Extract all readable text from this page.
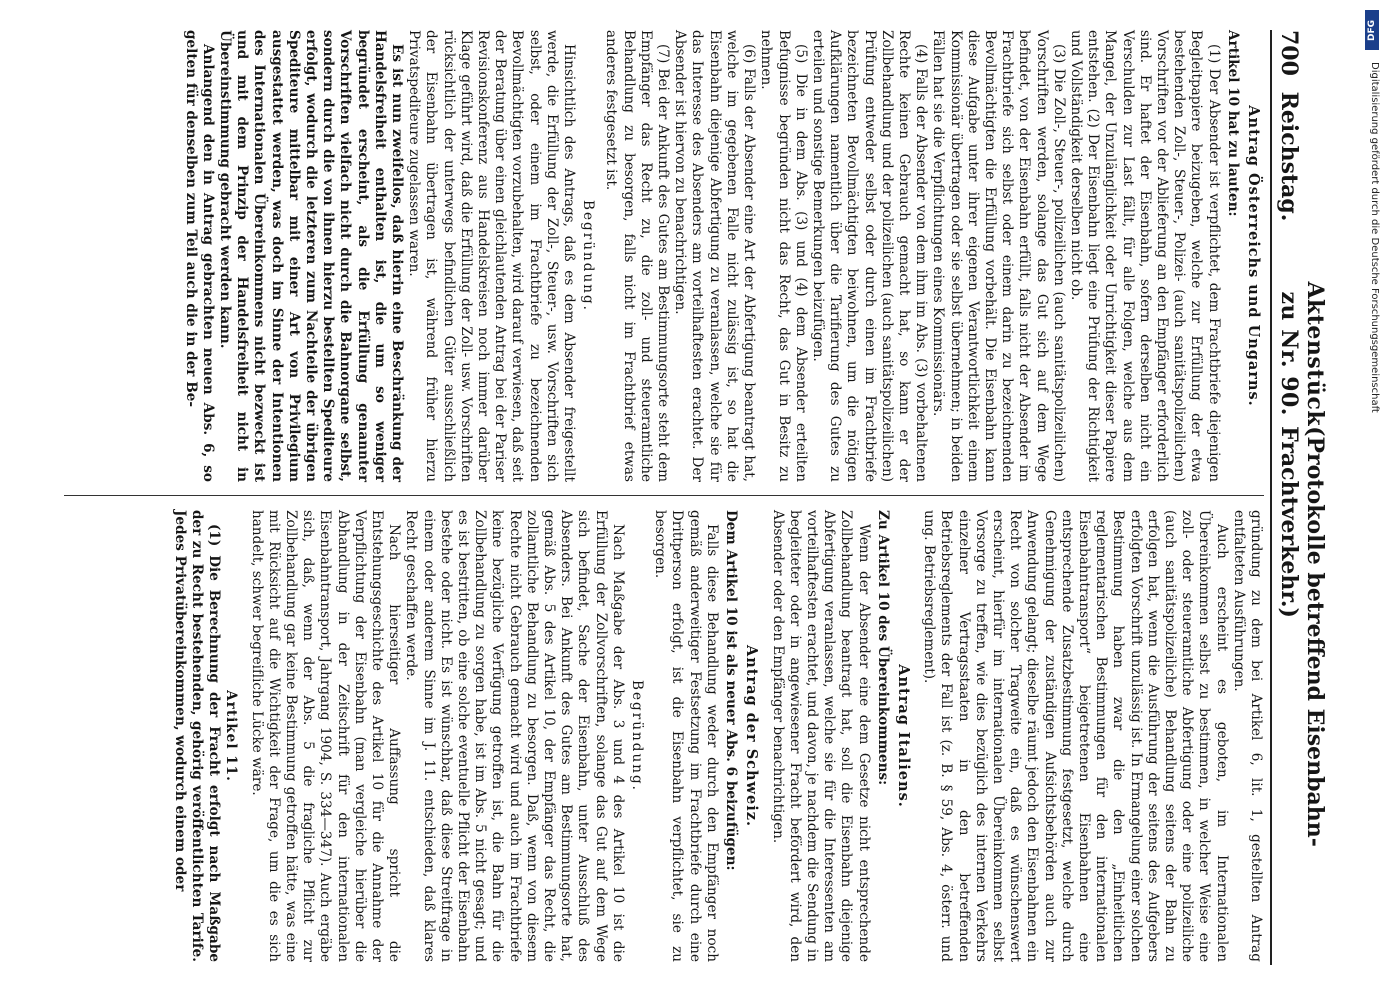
700
Reichstag.
Aktenstück zu Nr. 90.
(Protokolle betreffend Eisenbahn-Frachtverkehr.)
Antrag Österreichs und Ungarns.
Artikel 10 hat zu lauten:

(1) Der Absender ist verpflichtet, dem Frachtbriefe diejenigen Begleitpapiere beizugeben, welche zur Erfüllung der etwa bestehenden Zoll-, Steuer-, Polizei- (auch sanitätspolizeilichen) Vorschriften vor der Ablieferung an den Empfänger erforderlich sind. Er haftet der Eisenbahn, sofern derselben nicht ein Verschulden zur Last fällt, für alle Folgen, welche aus dem Mangel, der Unzulänglichkeit oder Unrichtigkeit dieser Papiere entstehen. (2) Der Eisenbahn liegt eine Prüfung der Richtigkeit und Vollständigkeit derselben nicht ob.

(3) Die Zoll-, Steuer-, polizeilichen (auch sanitätspolizeilichen) Vorschriften werden, solange das Gut sich auf dem Wege befindet, von der Eisenbahn erfüllt, falls nicht der Absender im Frachtbriefe sich selbst oder einem darin zu bezeichnenden Bevollmächtigten die Erfüllung vorbehält. Die Eisenbahn kann diese Aufgabe unter ihrer eigenen Verantwortlichkeit einem Kommissionär übertragen oder sie selbst übernehmen; in beiden Fällen hat sie die Verpflichtungen eines Kommissionärs.

(4) Falls der Absender von dem ihm im Abs. (3) vorbehaltenen Rechte keinen Gebrauch gemacht hat, so kann er der Zollbehandlung und der polizeilichen (auch sanitätspolizeilichen) Prüfung entweder selbst oder durch einen im Frachtbriefe bezeichneten Bevollmächtigten beiwohnen, um die nötigen Aufklärungen namentlich über die Tarifierung des Gutes zu erteilen und sonstige Bemerkungen beizufügen.

(5) Die in dem Abs. (3) und (4) dem Absender erteilten Befugnisse begründen nicht das Recht, das Gut in Besitz zu nehmen.

(6) Falls der Absender eine Art der Abfertigung beantragt hat, welche im gegebenen Falle nicht zulässig ist, so hat die Eisenbahn diejenige Abfertigung zu veranlassen, welche sie für das Interesse des Absenders am vorteilhaftesten erachtet. Der Absender ist hiervon zu benachrichtigen.

(7) Bei der Ankunft des Gutes am Bestimmungsorte steht dem Empfänger das Recht zu, die zoll- und steueramtliche Behandlung zu besorgen, falls nicht im Frachtbrief etwas anderes festgesetzt ist.

Begründung.

Hinsichtlich des Antrags, daß es dem Absender freigestellt werde, die Erfüllung der Zoll-, Steuer-, usw. Vorschriften sich selbst, oder einem im Frachtbriefe zu bezeichnenden Bevollmächtigten vorzubehalten, wird darauf verwiesen, daß seit der Beratung über einen gleichlautenden Antrag bei der Pariser Revisionskonferenz aus Handelskreisen noch immer darüber Klage geführt wird, daß die Erfüllung der Zoll- usw. Vorschriften rücksichtlich der unterwegs befindlichen Güter ausschließlich der Eisenbahn übertragen ist, während früher hierzu Privatspediteure zugelassen waren.

Es ist nun zweifellos, daß hierin eine Beschränkung der Handelsfreiheit enthalten ist, die um so weniger begründet erscheint, als die Erfüllung genannter Vorschriften vielfach nicht durch die Bahnorgane selbst, sondern durch die von ihnen hierzu bestellten Spediteure erfolgt, wodurch die letzteren zum Nachteile der übrigen Spediteure mittelbar mit einer Art von Privilegium ausgestattet werden, was doch im Sinne der Intentionen des Internationalen Übereinkommens nicht bezweckt ist und mit dem Prinzip der Handelsfreiheit nicht in Übereinstimmung gebracht werden kann.

Anlangend den in Antrag gebrachten neuen Abs. 6, so gelten für denselben zum Teil auch die in der Be-

gründung zu dem bei Artikel 6, lit. 1, gestellten Antrag entfalteten Ausführungen.

Auch erscheint es geboten, im Internationalen Übereinkommen selbst zu bestimmen, in welcher Weise eine zoll- oder steueramtliche Abfertigung oder eine polizeiliche (auch sanitätspolizeiliche) Behandlung seitens der Bahn zu erfolgen hat, wenn die Ausführung der seitens des Aufgebers erfolgten Vorschrift unzulässig ist. In Ermangelung einer solchen Bestimmung haben zwar die den „Einheitlichen reglementarischen Bestimmungen für den internationalen Eisenbahntransport“ beigetretenen Eisenbahnen eine entsprechende Zusatzbestimmung festgesetzt, welche durch Genehmigung der zuständigen Aufsichtsbehörden auch zur Anwendung gelangt; dieselbe räumt jedoch den Eisenbahnen ein Recht von solcher Tragweite ein, daß es wünschenswert erscheint, hierfür im internationalen Übereinkommen selbst Vorsorge zu treffen, wie dies bezüglich des internen Verkehrs einzelner Vertragsstaaten in den betreffenden Betriebsreglements der Fall ist (z. B. § 59, Abs. 4, österr. und ung. Betriebsreglement).

Antrag Italiens.
Zu Artikel 10 des Übereinkommens:

Wenn der Absender eine dem Gesetze nicht entsprechende Zollbehandlung beantragt hat, soll die Eisenbahn diejenige Abfertigung veranlassen, welche sie für die Interessenten am vorteilhaftesten erachtet, und davon, je nachdem die Sendung in begleiteter oder in angewiesener Fracht befördert wird, den Absender oder den Empfänger benachrichtigen.

Antrag der Schweiz.
Dem Artikel 10 ist als neuer Abs. 6 beizufügen:

Falls diese Behandlung weder durch den Empfänger noch gemäß anderweitiger Festsetzung im Frachtbriefe durch eine Drittperson erfolgt, ist die Eisenbahn verpflichtet, sie zu besorgen.

Begründung.

Nach Maßgabe der Abs. 3 und 4 des Artikel 10 ist die Erfüllung der Zollvorschriften, solange das Gut auf dem Wege sich befindet, Sache der Eisenbahn, unter Ausschluß des Absenders. Bei Ankunft des Gutes am Bestimmungsorte hat, gemäß Abs. 5 des Artikel 10, der Empfänger das Recht, die zollamtliche Behandlung zu besorgen. Daß, wenn von diesem Rechte nicht Gebrauch gemacht wird und auch im Frachtbriefe keine bezügliche Verfügung getroffen ist, die Bahn für die Zollbehandlung zu sorgen habe, ist im Abs. 5 nicht gesagt; und es ist bestritten, ob eine solche eventuelle Pflicht der Eisenbahn bestehe oder nicht. Es ist wünschbar, daß diese Streitfrage in einem oder anderem Sinne im J. 11. entschieden, daß klares Recht geschaffen werde.

Nach hierseitiger Auffassung spricht die Entstehungsgeschichte des Artikel 10 für die Annahme der Verpflichtung der Eisenbahn (man vergleiche hierüber die Abhandlung in der Zeitschrift für den internationalen Eisenbahntransport, Jahrgang 1904, S. 334—347). Auch ergäbe sich, daß, wenn der Abs. 5 die fragliche Pflicht zur Zollbehandlung gar keine Bestimmung getroffen hätte, was eine mit Rücksicht auf die Wichtigkeit der Frage, um die es sich handelt, schwer begreifliche Lücke wäre.

Artikel 11.

(1) Die Berechnung der Fracht erfolgt nach Maßgabe der zu Recht bestehenden, gehörig veröffentlichten Tarife. Jedes Privatübereinkommen, wodurch einem oder

DFG
Digitalisierung gefördert durch die Deutsche Forschungsgemeinschaft
